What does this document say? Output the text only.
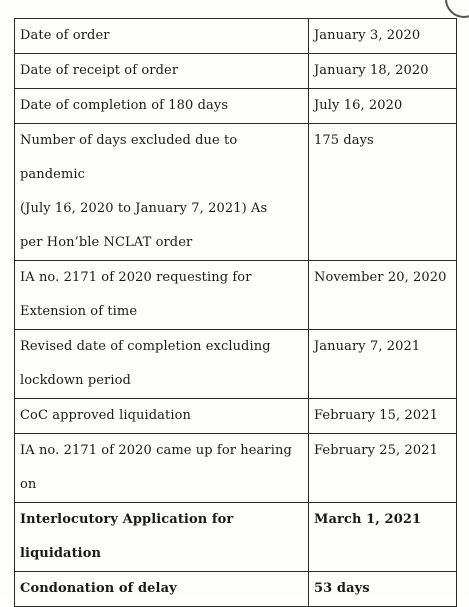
Date of order	January 3, 2020

Date of receipt of order	January 18, 2020

Date of completion of 180 days	July 16, 2020

Number of days excluded due to
pandemic
(July 16, 2020 to January 7, 2021) As
per Hon’ble NCLAT order	175 days

IA no. 2171 of 2020 requesting for
Extension of time	November 20, 2020

Revised date of completion excluding
lockdown period	January 7, 2021

CoC approved liquidation	February 15, 2021

IA no. 2171 of 2020 came up for hearing
on	February 25, 2021

Interlocutory Application for
liquidation	March 1, 2021

Condonation of delay	53 days
